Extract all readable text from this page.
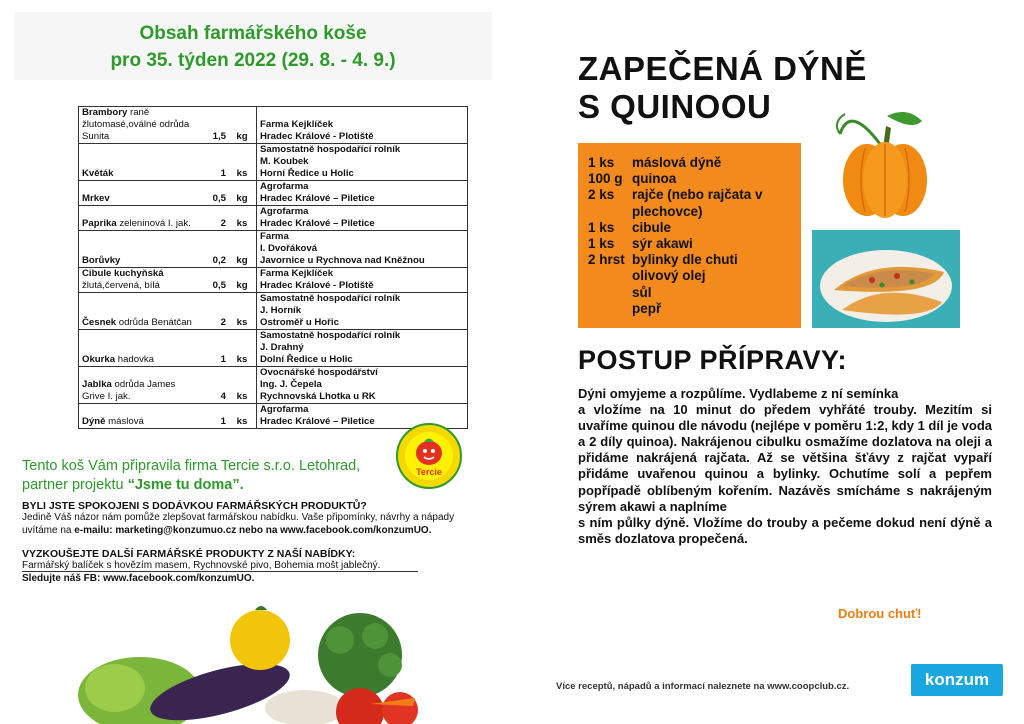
Obsah farmářského koše
pro 35. týden 2022 (29. 8. - 4. 9.)
Brambory raně žlutomasé,oválné odrůda Sunita	1,5	kg	Farma Kejklíček
Hradec Králové - Plotiště

Květák	1	ks	Samostatně hospodařící rolník
M. Koubek
Horní Ředice u Holic

Mrkev	0,5	kg	Agrofarma
Hradec Králové – Piletice

Paprika zeleninová I. jak.	2	ks	Agrofarma
Hradec Králové – Piletice

Borůvky	0,2	kg	Farma
I. Dvořáková
Javornice u Rychnova nad Kněžnou

Cibule kuchyňská žlutá,červená, bílá	0,5	kg	Farma Kejklíček
Hradec Králové - Plotiště

Česnek odrůda Benátčan	2	ks	Samostatně hospodařící rolník
J. Horník
Ostroměř u Hořic

Okurka hadovka	1	ks	Samostatně hospodařící rolník
J. Drahný
Dolní Ředice u Holic

Jablka odrůda James Grive I. jak.	4	ks	Ovocnářské hospodářství
Ing. J. Čepela
Rychnovská Lhotka u RK

Dýně máslová	1	ks	Agrofarma
Hradec Králové – Piletice
Tento koš Vám připravila firma Tercie s.r.o. Letohrad,
partner projektu “Jsme tu doma”.
Tercie
BYLI JSTE SPOKOJENI S DODÁVKOU FARMÁŘSKÝCH PRODUKTŮ?
Jedině Váš názor nám pomůže zlepšovat farmářskou nabídku. Vaše připomínky, návrhy a nápady
uvítáme na e-mailu: marketing@konzumuo.cz nebo na www.facebook.com/konzumUO.
VYZKOUŠEJTE DALŠÍ FARMÁŘSKÉ PRODUKTY Z NAŠÍ NABÍDKY:
Farmářský balíček s hovězím masem, Rychnovské pivo, Bohemia mošt jablečný.
Sledujte náš FB: www.facebook.com/konzumUO.
ZAPEČENÁ DÝNĚ
S QUINOOU
1 ks	máslová dýně
100 g quinoa
2 ks	rajče (nebo rajčata v plechovce)
1 ks	cibule
1 ks	sýr akawi
2 hrst bylinky dle chuti
olivový olej
sůl
pepř
POSTUP PŘÍPRAVY:
Dýni omyjeme a rozpůlíme. Vydlabeme z ní semínka
a vložíme na 10 minut do předem vyhřáté trouby. Mezitím si uvaříme quinou dle návodu (nejlépe v poměru 1:2, kdy 1 díl je voda a 2 díly quinoa). Nakrájenou cibulku osmažíme dozlatova na oleji a přidáme nakrájená rajčata. Až se většina šťávy z rajčat vypaří přidáme uvařenou quinou a bylinky. Ochutíme solí a pepřem popřípadě oblíbeným kořením. Nazávěs smícháme s nakrájeným sýrem akawi a naplníme
s ním půlky dýně. Vložíme do trouby a pečeme dokud není dýně a směs dozlatova propečená.
Dobrou chuť!
Více receptů, nápadů a informací naleznete na www.coopclub.cz.	konzum
